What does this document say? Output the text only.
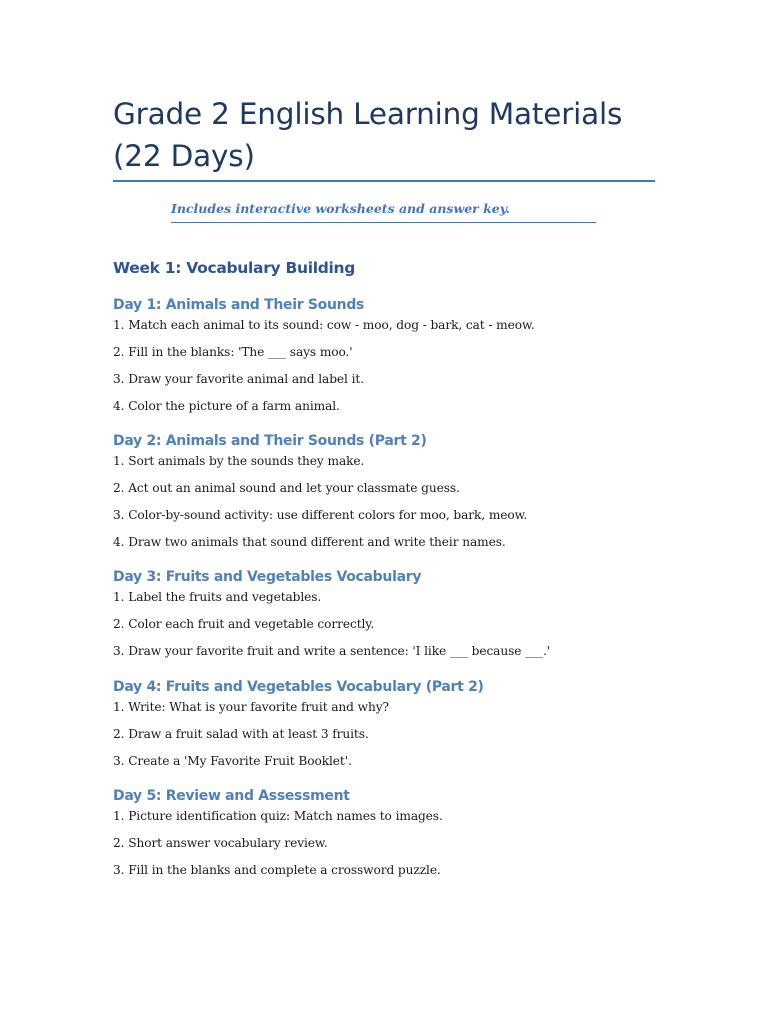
Grade 2 English Learning Materials (22 Days)

Includes interactive worksheets and answer key.

Week 1: Vocabulary Building
Day 1: Animals and Their Sounds

1. Match each animal to its sound: cow - moo, dog - bark, cat - meow.

2. Fill in the blanks: 'The ___ says moo.'

3. Draw your favorite animal and label it.

4. Color the picture of a farm animal.

Day 2: Animals and Their Sounds (Part 2)

1. Sort animals by the sounds they make.

2. Act out an animal sound and let your classmate guess.

3. Color-by-sound activity: use different colors for moo, bark, meow.

4. Draw two animals that sound different and write their names.

Day 3: Fruits and Vegetables Vocabulary

1. Label the fruits and vegetables.

2. Color each fruit and vegetable correctly.

3. Draw your favorite fruit and write a sentence: 'I like ___ because ___.'

Day 4: Fruits and Vegetables Vocabulary (Part 2)

1. Write: What is your favorite fruit and why?

2. Draw a fruit salad with at least 3 fruits.

3. Create a 'My Favorite Fruit Booklet'.

Day 5: Review and Assessment

1. Picture identification quiz: Match names to images.

2. Short answer vocabulary review.

3. Fill in the blanks and complete a crossword puzzle.
